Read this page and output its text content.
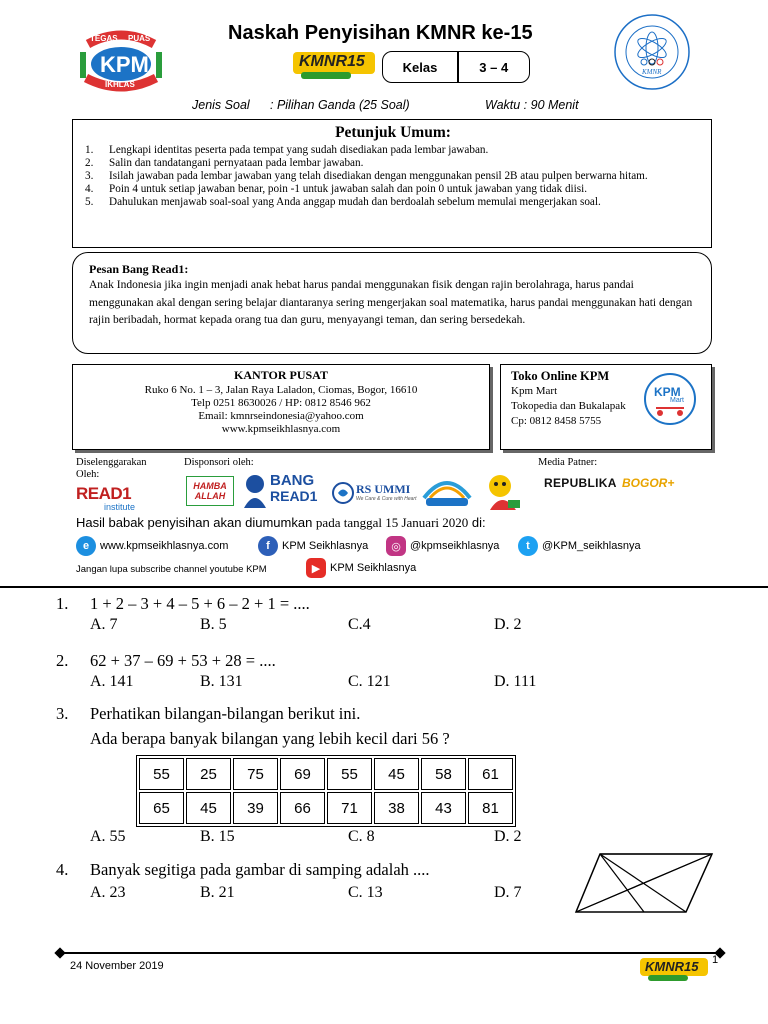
TEGAS PUAS
KPM
IKHLAS
Naskah Penyisihan KMNR ke-15
KMNR15	Kelas	3 – 4	KMNR
Jenis Soal	: Pilihan Ganda (25 Soal)	Waktu : 90 Menit
Petunjuk Umum:
1.	Lengkapi identitas peserta pada tempat yang sudah disediakan pada lembar jawaban.
2.	Salin dan tandatangani pernyataan pada lembar jawaban.
3.	Isilah jawaban pada lembar jawaban yang telah disediakan dengan menggunakan pensil 2B atau pulpen berwarna hitam.
4.	Poin 4 untuk setiap jawaban benar, poin -1 untuk jawaban salah dan poin 0 untuk jawaban yang tidak diisi.
5.	Dahulukan menjawab soal-soal yang Anda anggap mudah dan berdoalah sebelum memulai mengerjakan soal.
Pesan Bang Read1:

Anak Indonesia jika ingin menjadi anak hebat harus pandai menggunakan fisik dengan rajin berolahraga, harus pandai menggunakan akal dengan sering belajar diantaranya sering mengerjakan soal matematika, harus pandai menggunakan hati dengan rajin beribadah, hormat kepada orang tua dan guru, menyayangi teman, dan sering bersedekah.

KANTOR PUSAT
Ruko 6 No. 1 – 3, Jalan Raya Laladon, Ciomas, Bogor, 16610
Telp 0251 8630026 / HP: 0812 8546 962
Email: kmnrseindonesia@yahoo.com
www.kpmseikhlasnya.com
Toko Online KPM
Kpm Mart
Tokopedia dan Bukalapak
Cp: 0812 8458 5755
KPM
Mart
Diselenggarakan Oleh:
Disponsori oleh:	Media Patner:
READ1
institute
HAMBA ALLAH
BANG
READ1	RS UMMI
We Care & Cure with Heart
REPUBLIKA BOGOR+
Hasil babak penyisihan akan diumumkan pada tanggal 15 Januari 2020 di:
e www.kpmseikhlasnya.com	f	KPM Seikhlasnya	◎ @kpmseikhlasnya	t	@KPM_seikhlasnya
Jangan lupa subscribe channel youtube KPM	▶ KPM Seikhlasnya
1. 1 + 2 – 3 + 4 – 5 + 6 – 2 + 1 = ....
A. 7	B. 5	C.4	D. 2
2. 62 + 37 – 69 + 53 + 28 = ....
A. 141	B. 131	C. 121	D. 111
3. Perhatikan bilangan-bilangan berikut ini.
Ada berapa banyak bilangan yang lebih kecil dari 56 ?
55	25	75	69	55	45	58	61
65	45	39	66	71	38	43	81
A. 55	B. 15	C. 8	D. 2
4. Banyak segitiga pada gambar di samping adalah ....
A. 23	B. 21	C. 13	D. 7
24 November 2019	1
KMNR15
